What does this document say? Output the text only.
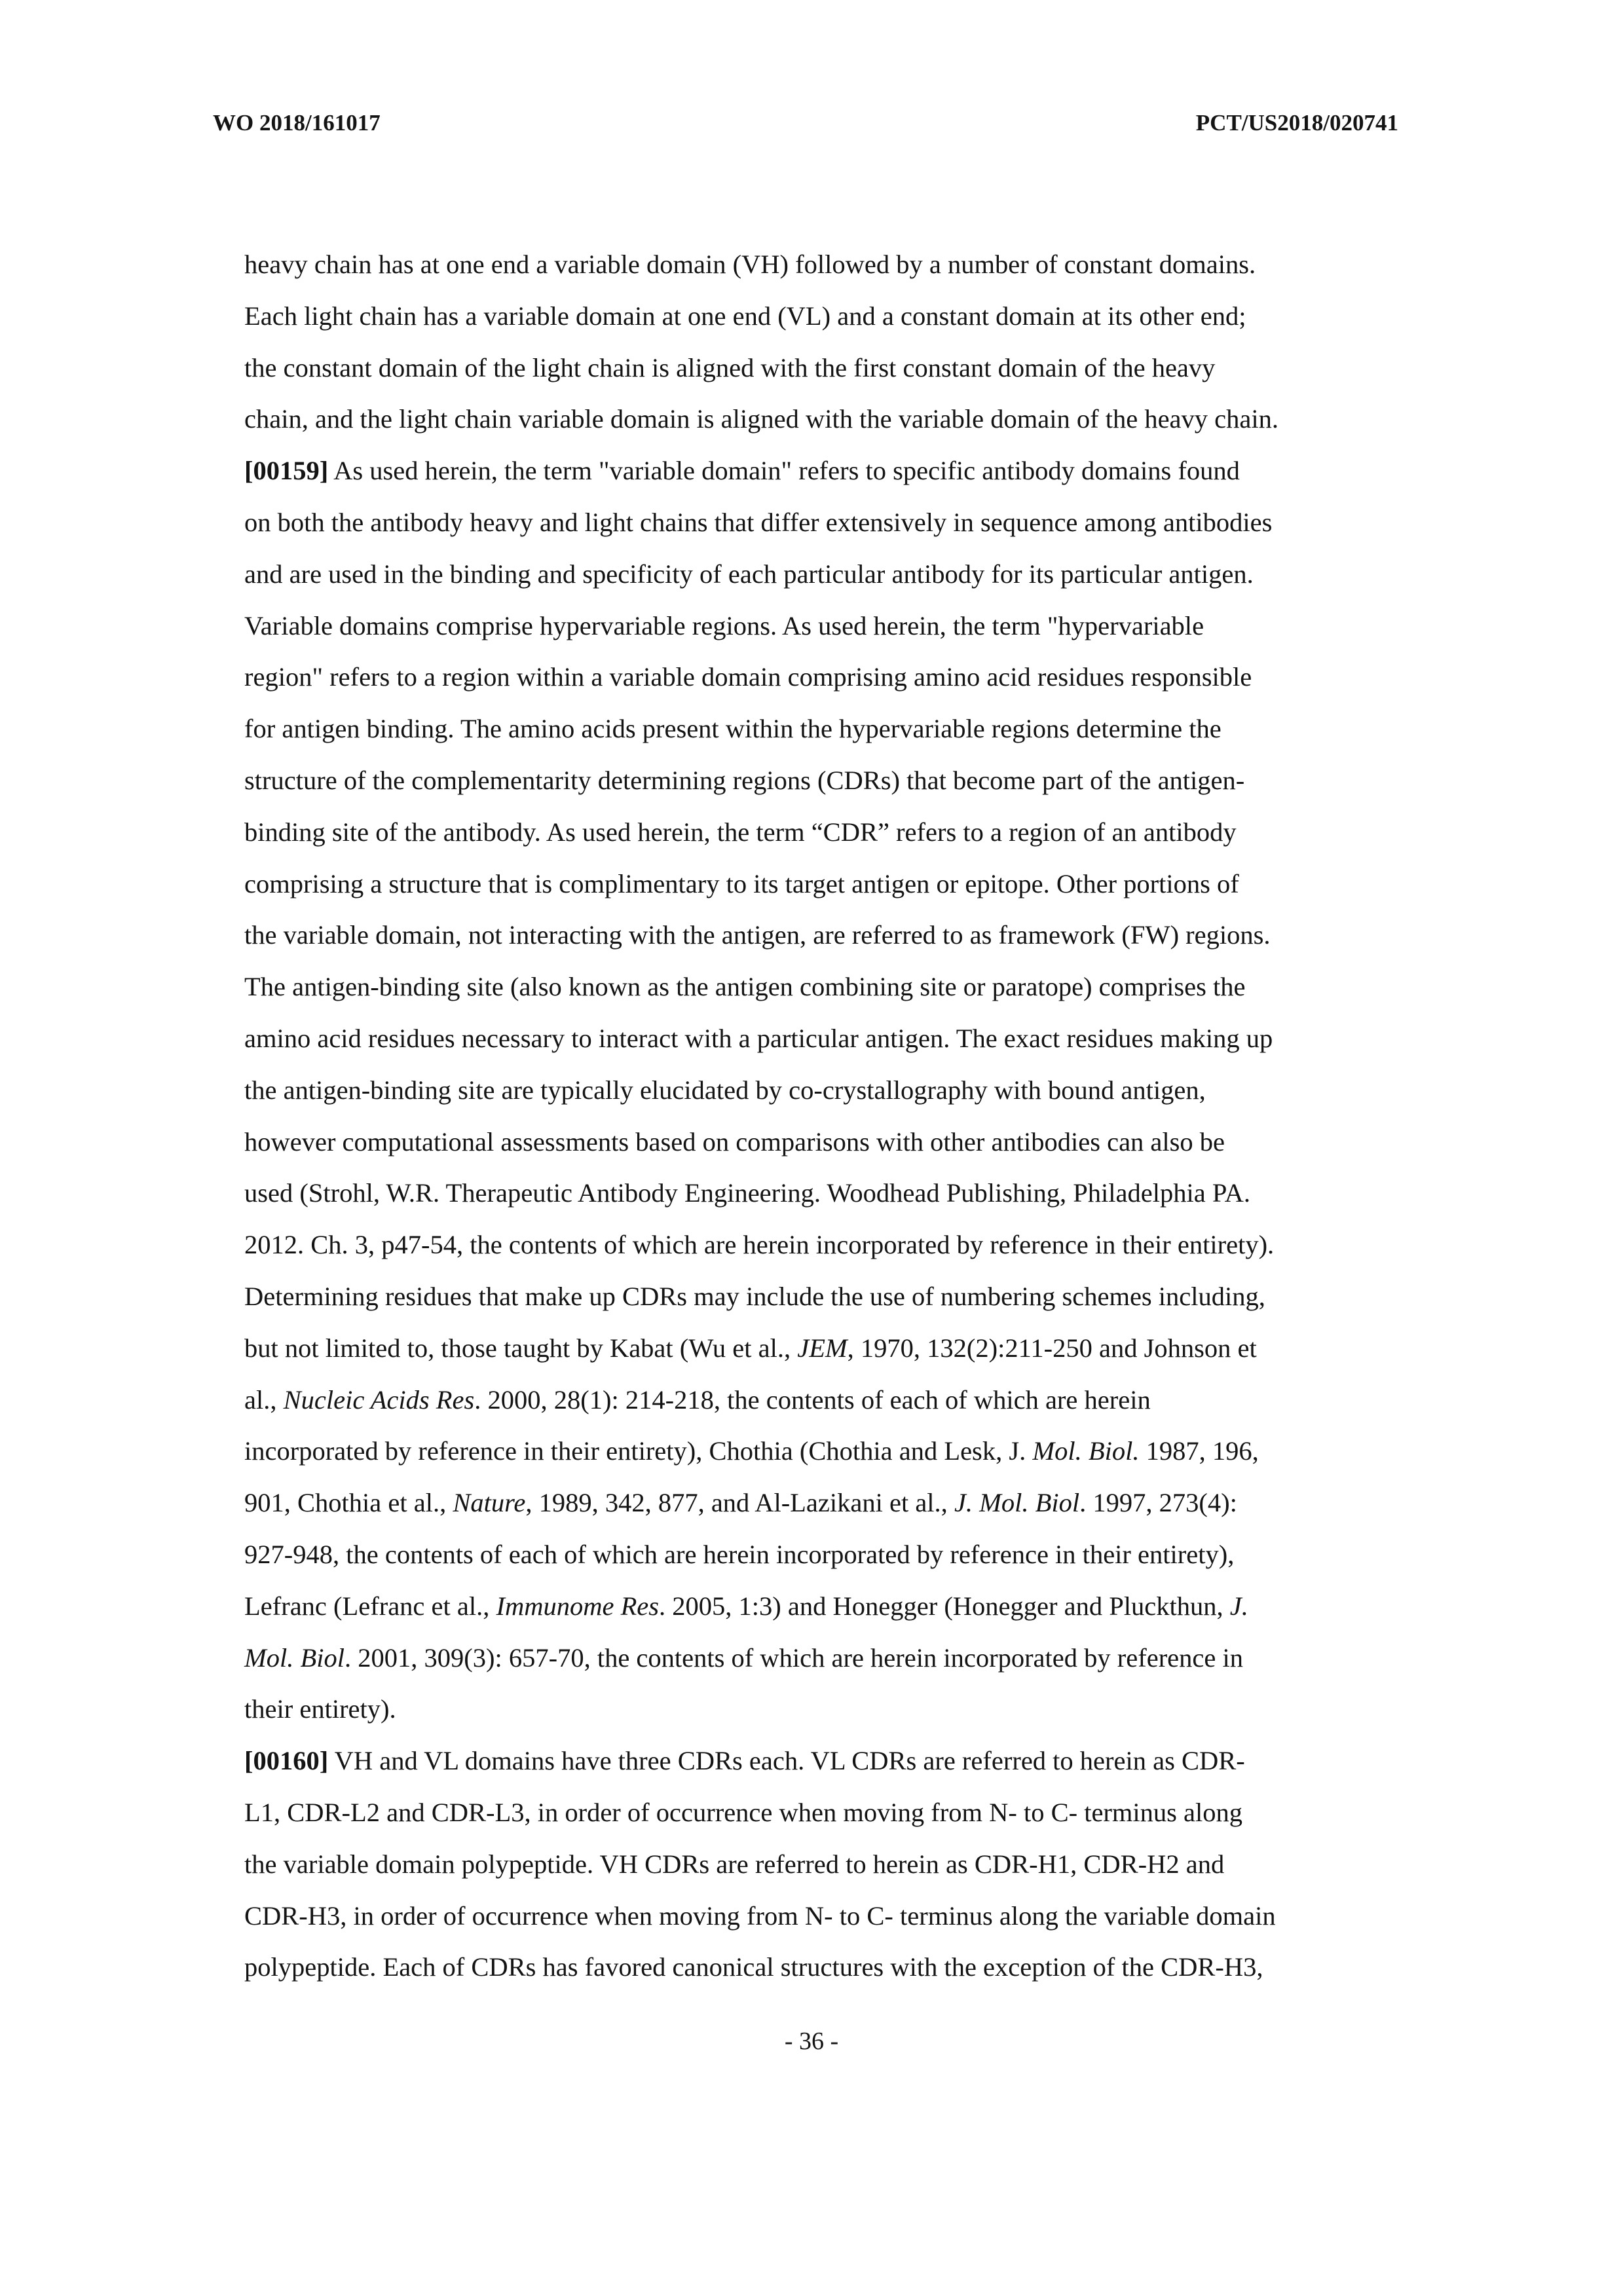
WO 2018/161017	PCT/US2018/020741
heavy chain has at one end a variable domain (VH) followed by a number of constant domains.
Each light chain has a variable domain at one end (VL) and a constant domain at its other end;
the constant domain of the light chain is aligned with the first constant domain of the heavy
chain, and the light chain variable domain is aligned with the variable domain of the heavy chain.
[00159] As used herein, the term "variable domain" refers to specific antibody domains found
on both the antibody heavy and light chains that differ extensively in sequence among antibodies
and are used in the binding and specificity of each particular antibody for its particular antigen.
Variable domains comprise hypervariable regions. As used herein, the term "hypervariable
region" refers to a region within a variable domain comprising amino acid residues responsible
for antigen binding. The amino acids present within the hypervariable regions determine the
structure of the complementarity determining regions (CDRs) that become part of the antigen-
binding site of the antibody. As used herein, the term “CDR” refers to a region of an antibody
comprising a structure that is complimentary to its target antigen or epitope. Other portions of
the variable domain, not interacting with the antigen, are referred to as framework (FW) regions.
The antigen-binding site (also known as the antigen combining site or paratope) comprises the
amino acid residues necessary to interact with a particular antigen. The exact residues making up
the antigen-binding site are typically elucidated by co-crystallography with bound antigen,
however computational assessments based on comparisons with other antibodies can also be
used (Strohl, W.R. Therapeutic Antibody Engineering. Woodhead Publishing, Philadelphia PA.
2012. Ch. 3, p47-54, the contents of which are herein incorporated by reference in their entirety).
Determining residues that make up CDRs may include the use of numbering schemes including,
but not limited to, those taught by Kabat (Wu et al., JEM, 1970, 132(2):211-250 and Johnson et
al., Nucleic Acids Res. 2000, 28(1): 214-218, the contents of each of which are herein
incorporated by reference in their entirety), Chothia (Chothia and Lesk, J. Mol. Biol. 1987, 196,
901, Chothia et al., Nature, 1989, 342, 877, and Al-Lazikani et al., J. Mol. Biol. 1997, 273(4):
927-948, the contents of each of which are herein incorporated by reference in their entirety),
Lefranc (Lefranc et al., Immunome Res. 2005, 1:3) and Honegger (Honegger and Pluckthun, J.
Mol. Biol. 2001, 309(3): 657-70, the contents of which are herein incorporated by reference in
their entirety).
[00160] VH and VL domains have three CDRs each. VL CDRs are referred to herein as CDR-
L1, CDR-L2 and CDR-L3, in order of occurrence when moving from N- to C- terminus along
the variable domain polypeptide. VH CDRs are referred to herein as CDR-H1, CDR-H2 and
CDR-H3, in order of occurrence when moving from N- to C- terminus along the variable domain
polypeptide. Each of CDRs has favored canonical structures with the exception of the CDR-H3,
- 36 -
